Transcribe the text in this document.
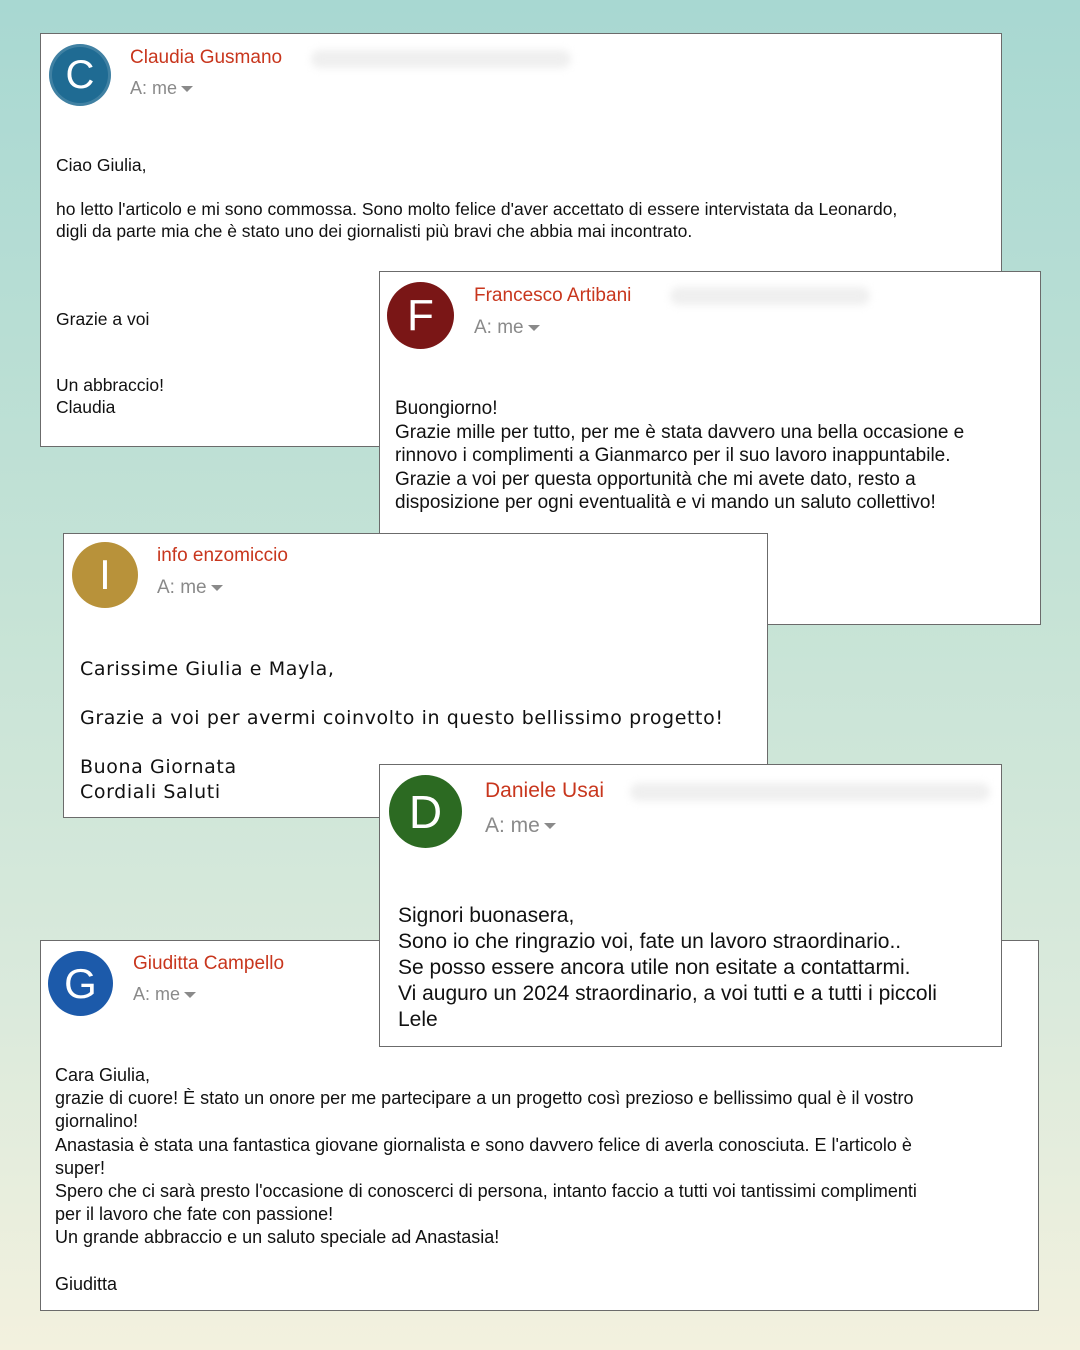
C Claudia Gusmano
A: me
Ciao Giulia,

ho letto l'articolo e mi sono commossa. Sono molto felice d'aver accettato di essere intervistata da Leonardo,
digli da parte mia che è stato uno dei giornalisti più bravi che abbia mai incontrato.

Grazie a voi

Un abbraccio!
Claudia
F Francesco Artibani
A: me
Buongiorno!
Grazie mille per tutto, per me è stata davvero una bella occasione e
rinnovo i complimenti a Gianmarco per il suo lavoro inappuntabile.
Grazie a voi per questa opportunità che mi avete dato, resto a
disposizione per ogni eventualità e vi mando un saluto collettivo!

I info enzomiccio
A: me
Carissime Giulia e Mayla,

Grazie a voi per avermi coinvolto in questo bellissimo progetto!

Buona Giornata
Cordiali Saluti
G Giuditta Campello
A: me
Cara Giulia,
grazie di cuore! È stato un onore per me partecipare a un progetto così prezioso e bellissimo qual è il vostro
giornalino!
Anastasia è stata una fantastica giovane giornalista e sono davvero felice di averla conosciuta. E l'articolo è
super!
Spero che ci sarà presto l'occasione di conoscerci di persona, intanto faccio a tutti voi tantissimi complimenti
per il lavoro che fate con passione!
Un grande abbraccio e un saluto speciale ad Anastasia!

Giuditta
D Daniele Usai
A: me
Signori buonasera,
Sono io che ringrazio voi, fate un lavoro straordinario..
Se posso essere ancora utile non esitate a contattarmi.
Vi auguro un 2024 straordinario, a voi tutti e a tutti i piccoli
Lele
